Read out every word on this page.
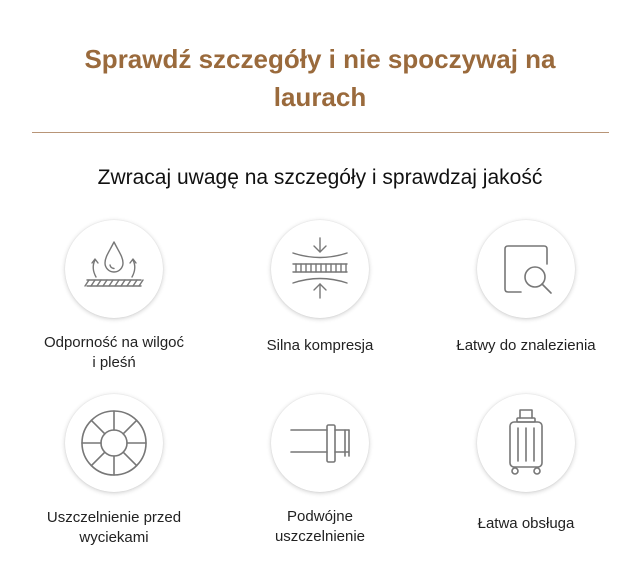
Sprawdź szczegóły i nie spoczywaj na laurach
Zwracaj uwagę na szczegóły i sprawdzaj jakość
Odporność na wilgoć i pleśń
Silna kompresja	Łatwy do znalezienia
Uszczelnienie przed wyciekami
Podwójne uszczelnienie
Łatwa obsługa
